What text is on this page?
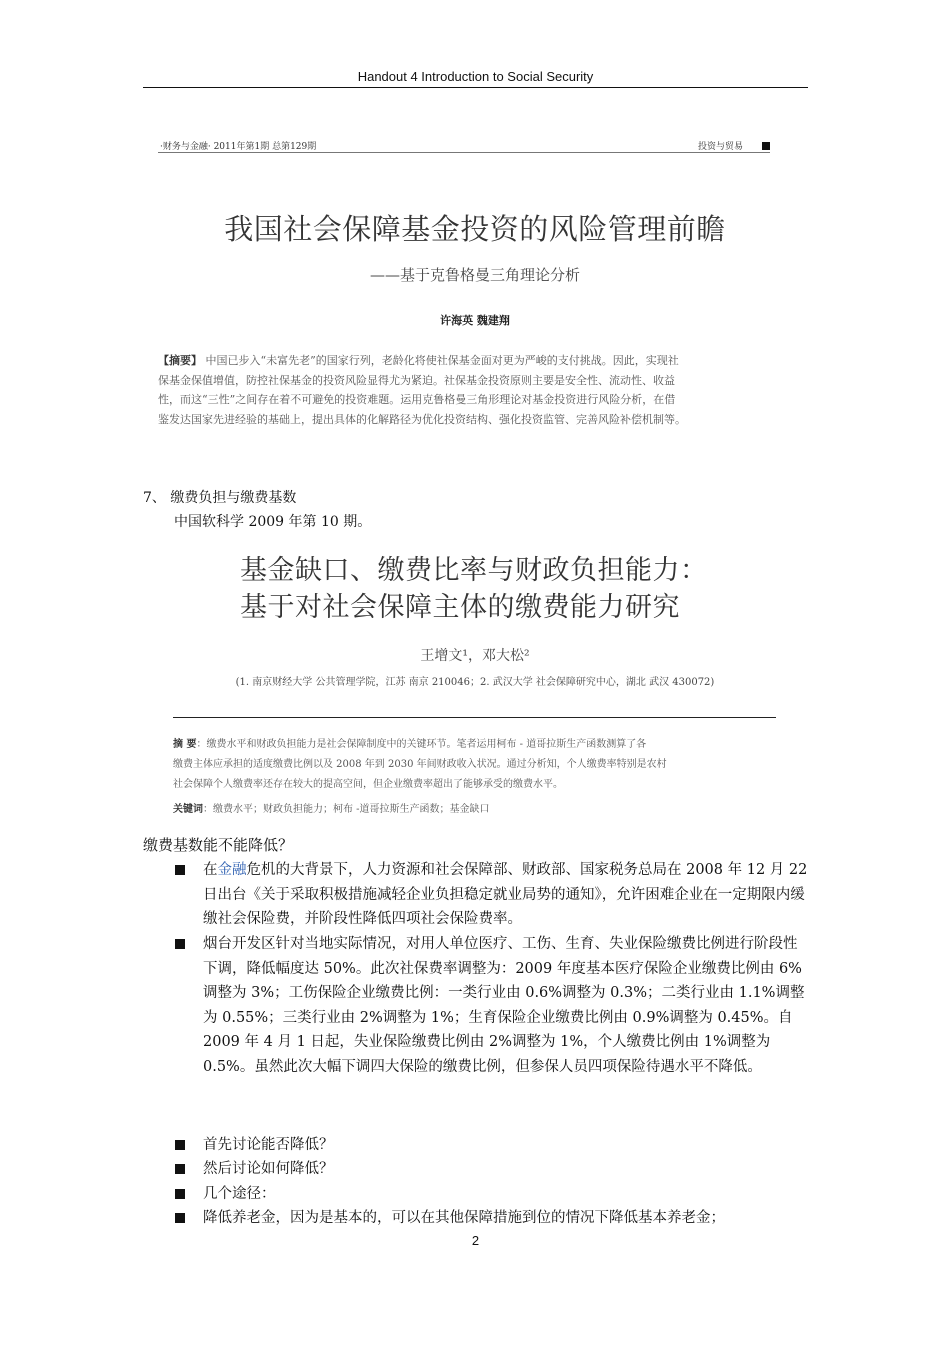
Handout 4 Introduction to Social Security
·财务与金融· 2011年第1期 总第129期	投资与贸易
我国社会保障基金投资的风险管理前瞻
——基于克鲁格曼三角理论分析
许海英 魏建翔
【摘要】 中国已步入“未富先老”的国家行列，老龄化将使社保基金面对更为严峻的支付挑战。因此，实现社
保基金保值增值，防控社保基金的投资风险显得尤为紧迫。社保基金投资原则主要是安全性、流动性、收益
性，而这“三性”之间存在着不可避免的投资难题。运用克鲁格曼三角形理论对基金投资进行风险分析，在借
鉴发达国家先进经验的基础上，提出具体的化解路径为优化投资结构、强化投资监管、完善风险补偿机制等。
7、 缴费负担与缴费基数
中国软科学 2009 年第 10 期。
基金缺口、缴费比率与财政负担能力：
基于对社会保障主体的缴费能力研究
王增文¹，邓大松²
(1. 南京财经大学 公共管理学院，江苏 南京 210046；2. 武汉大学 社会保障研究中心，湖北 武汉 430072)
摘 要：缴费水平和财政负担能力是社会保障制度中的关键环节。笔者运用柯布 - 道哥拉斯生产函数测算了各
缴费主体应承担的适度缴费比例以及 2008 年到 2030 年间财政收入状况。通过分析知，个人缴费率特别是农村
社会保障个人缴费率还存在较大的提高空间，但企业缴费率超出了能够承受的缴费水平。
关键词：缴费水平；财政负担能力；柯布 -道哥拉斯生产函数；基金缺口
缴费基数能不能降低？

在金融危机的大背景下，人力资源和社会保障部、财政部、国家税务总局在 2008 年 12 月 22 日出台《关于采取积极措施减轻企业负担稳定就业局势的通知》，允许困难企业在一定期限内缓缴社会保险费，并阶段性降低四项社会保险费率。

烟台开发区针对当地实际情况，对用人单位医疗、工伤、生育、失业保险缴费比例进行阶段性下调，降低幅度达 50%。此次社保费率调整为：2009 年度基本医疗保险企业缴费比例由 6%调整为 3%；工伤保险企业缴费比例：一类行业由 0.6%调整为 0.3%；二类行业由 1.1%调整为 0.55%；三类行业由 2%调整为 1%；生育保险企业缴费比例由 0.9%调整为 0.45%。自 2009 年 4 月 1 日起，失业保险缴费比例由 2%调整为 1%，个人缴费比例由 1%调整为 0.5%。虽然此次大幅下调四大保险的缴费比例，但参保人员四项保险待遇水平不降低。

首先讨论能否降低？

然后讨论如何降低？

几个途径：

降低养老金，因为是基本的，可以在其他保障措施到位的情况下降低基本养老金；

2
